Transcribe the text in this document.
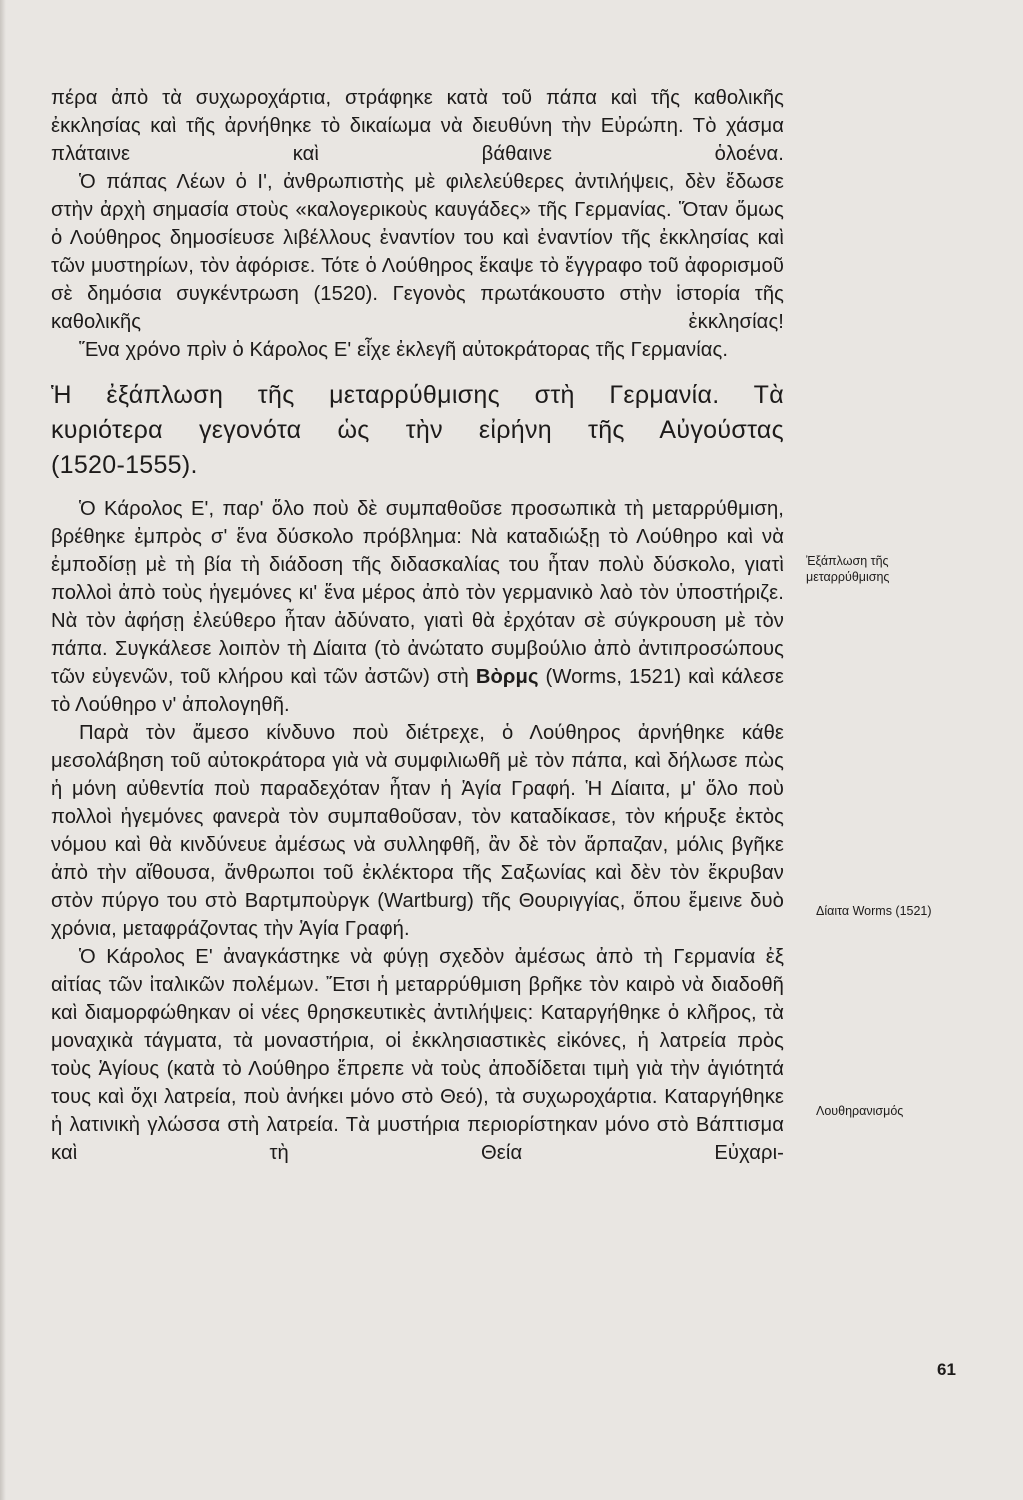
πέρα ἀπὸ τὰ συχωροχάρτια, στράφηκε κατὰ τοῦ πάπα καὶ τῆς καθολικῆς ἐκκλησίας καὶ τῆς ἀρνήθηκε τὸ δικαίωμα νὰ διευθύνη τὴν Εὐρώπη. Τὸ χάσμα πλάταινε καὶ βάθαινε ὁλοένα.

Ὁ πάπας Λέων ὁ Ι', ἀνθρωπιστὴς μὲ φιλελεύθερες ἀντιλήψεις, δὲν ἔδωσε στὴν ἀρχὴ σημασία στοὺς «καλογερικοὺς καυγάδες» τῆς Γερμανίας. Ὅταν ὅμως ὁ Λούθηρος δημοσίευσε λιβέλλους ἐναντίον του καὶ ἐναντίον τῆς ἐκκλησίας καὶ τῶν μυστηρίων, τὸν ἀφόρισε. Τότε ὁ Λούθηρος ἔκαψε τὸ ἔγγραφο τοῦ ἀφορισμοῦ σὲ δημόσια συγκέντρωση (1520). Γεγονὸς πρωτάκουστο στὴν ἱστορία τῆς καθολικῆς ἐκκλησίας!

Ἕνα χρόνο πρὶν ὁ Κάρολος Ε' εἶχε ἐκλεγῆ αὐτοκράτορας τῆς Γερμανίας.

Ἡ ἐξάπλωση τῆς μεταρρύθμισης στὴ Γερμανία. Τὰ
κυριότερα γεγονότα ὡς τὴν εἰρήνη τῆς Αὐγούστας
(1520-1555).

Ὁ Κάρολος Ε', παρ' ὅλο ποὺ δὲ συμπαθοῦσε προσωπικὰ τὴ μεταρρύθμιση, βρέθηκε ἐμπρὸς σ' ἕνα δύσκολο πρόβλημα: Νὰ καταδιώξῃ τὸ Λούθηρο καὶ νὰ ἐμποδίσῃ μὲ τὴ βία τὴ διάδοση τῆς διδασκαλίας του ἦταν πολὺ δύσκολο, γιατὶ πολλοὶ ἀπὸ τοὺς ἡγεμόνες κι' ἕνα μέρος ἀπὸ τὸν γερμανικὸ λαὸ τὸν ὑποστήριζε. Νὰ τὸν ἀφήσῃ ἐλεύθερο ἦταν ἀδύνατο, γιατὶ θὰ ἐρχόταν σὲ σύγκρουση μὲ τὸν πάπα. Συγκάλεσε λοιπὸν τὴ Δίαιτα (τὸ ἀνώτατο συμβούλιο ἀπὸ ἀντιπροσώπους τῶν εὐγενῶν, τοῦ κλήρου καὶ τῶν ἀστῶν) στὴ Βὸρμς (Worms, 1521) καὶ κάλεσε τὸ Λούθηρο ν' ἀπολογηθῆ.

Παρὰ τὸν ἄμεσο κίνδυνο ποὺ διέτρεχε, ὁ Λούθηρος ἀρνήθηκε κάθε μεσολάβηση τοῦ αὐτοκράτορα γιὰ νὰ συμφιλιωθῆ μὲ τὸν πάπα, καὶ δήλωσε πὼς ἡ μόνη αὐθεντία ποὺ παραδεχόταν ἦταν ἡ Ἁγία Γραφή. Ἡ Δίαιτα, μ' ὅλο ποὺ πολλοὶ ἡγεμόνες φανερὰ τὸν συμπαθοῦσαν, τὸν καταδίκασε, τὸν κήρυξε ἐκτὸς νόμου καὶ θὰ κινδύνευε ἀμέσως νὰ συλληφθῆ, ἂν δὲ τὸν ἅρπαζαν, μόλις βγῆκε ἀπὸ τὴν αἴθουσα, ἄνθρωποι τοῦ ἐκλέκτορα τῆς Σαξωνίας καὶ δὲν τὸν ἔκρυβαν στὸν πύργο του στὸ Βαρτμποὺργκ (Wartburg) τῆς Θουριγγίας, ὅπου ἔμεινε δυὸ χρόνια, μεταφράζοντας τὴν Ἁγία Γραφή.

Ὁ Κάρολος Ε' ἀναγκάστηκε νὰ φύγῃ σχεδὸν ἀμέσως ἀπὸ τὴ Γερμανία ἐξ αἰτίας τῶν ἰταλικῶν πολέμων. Ἔτσι ἡ μεταρρύθμιση βρῆκε τὸν καιρὸ νὰ διαδοθῆ καὶ διαμορφώθηκαν οἱ νέες θρησκευτικὲς ἀντιλήψεις: Καταργήθηκε ὁ κλῆρος, τὰ μοναχικὰ τάγματα, τὰ μοναστήρια, οἱ ἐκκλησιαστικὲς εἰκόνες, ἡ λατρεία πρὸς τοὺς Ἁγίους (κατὰ τὸ Λούθηρο ἔπρεπε νὰ τοὺς ἀποδίδεται τιμὴ γιὰ τὴν ἁγιότητά τους καὶ ὄχι λατρεία, ποὺ ἀνήκει μόνο στὸ Θεό), τὰ συχωροχάρτια. Καταργήθηκε ἡ λατινικὴ γλώσσα στὴ λατρεία. Τὰ μυστήρια περιορίστηκαν μόνο στὸ Βάπτισμα καὶ τὴ Θεία Εὐχαρι-

Ἐξάπλωση τῆς
μεταρρύθμισης
Δίαιτα Worms (1521)
Λουθηρανισμός
61
